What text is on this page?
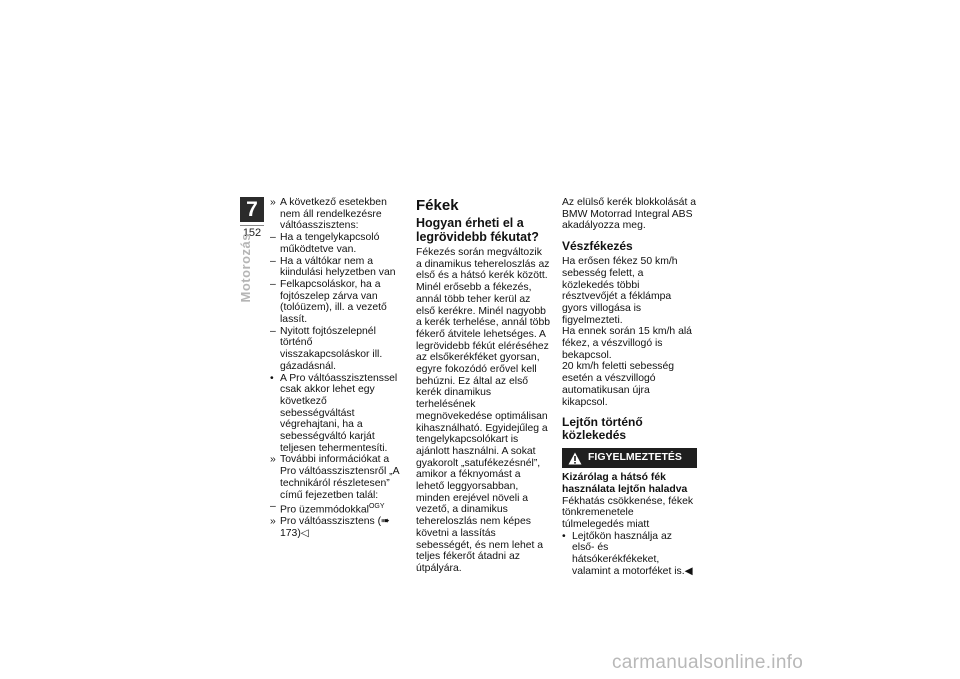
7
152
Motorozás
» A következő esetekben nem áll rendelkezésre váltóasszisztens:
– Ha a tengelykapcsoló működtetve van.
– Ha a váltókar nem a kiindulási helyzetben van
– Felkapcsoláskor, ha a fojtószelep zárva van (tolóüzem), ill. a vezető lassít.
– Nyitott fojtószelepnél történő visszakapcsoláskor ill. gázadásnál.
• A Pro váltóasszisztenssel csak akkor lehet egy következő sebességváltást végrehajtani, ha a sebességváltó karját teljesen tehermentesíti.
» További információkat a Pro váltóasszisztensről „A technikáról részletesen” című fejezetben talál:
– Pro üzemmódokkal$^{OGY}$
» Pro váltóasszisztens (➠ 173)◁
Fékek
Hogyan érheti el a legrövidebb fékutat?

Fékezés során megváltozik a dinamikus tehereloszlás az első és a hátsó kerék között. Minél erősebb a fékezés, annál több teher kerül az első kerékre. Minél nagyobb a kerék terhelése, annál több fékerő átvitele lehetséges. A legrövidebb fékút eléréséhez az elsőkerékféket gyorsan, egyre fokozódó erővel kell behúzni. Ez által az első kerék dinamikus terhelésének megnövekedése optimálisan kihasználható. Egyidejűleg a tengelykapcsolókart is ajánlott használni. A sokat gyakorolt „satufékezésnél”, amikor a féknyomást a lehető leggyorsabban, minden erejével növeli a vezető, a dinamikus tehereloszlás nem képes követni a lassítás sebességét, és nem lehet a teljes fékerőt átadni az útpályára.

Az elülső kerék blokkolását a BMW Motorrad Integral ABS akadályozza meg.

Vészfékezés

Ha erősen fékez 50 km/h sebesség felett, a közlekedés többi résztvevőjét a féklámpa gyors villogása is figyelmezteti.

Ha ennek során 15 km/h alá fékez, a vészvillogó is bekapcsol.

20 km/h feletti sebesség esetén a vészvillogó automatikusan újra kikapcsol.

Lejtőn történő közlekedés
FIGYELMEZTETÉS

Kizárólag a hátsó fék használata lejtőn haladva

Fékhatás csökkenése, fékek tönkremenetele túlmelegedés miatt

• Lejtőkön használja az első- és hátsókerékfékeket, valamint a motorféket is.◀
carmanualsonline.info
